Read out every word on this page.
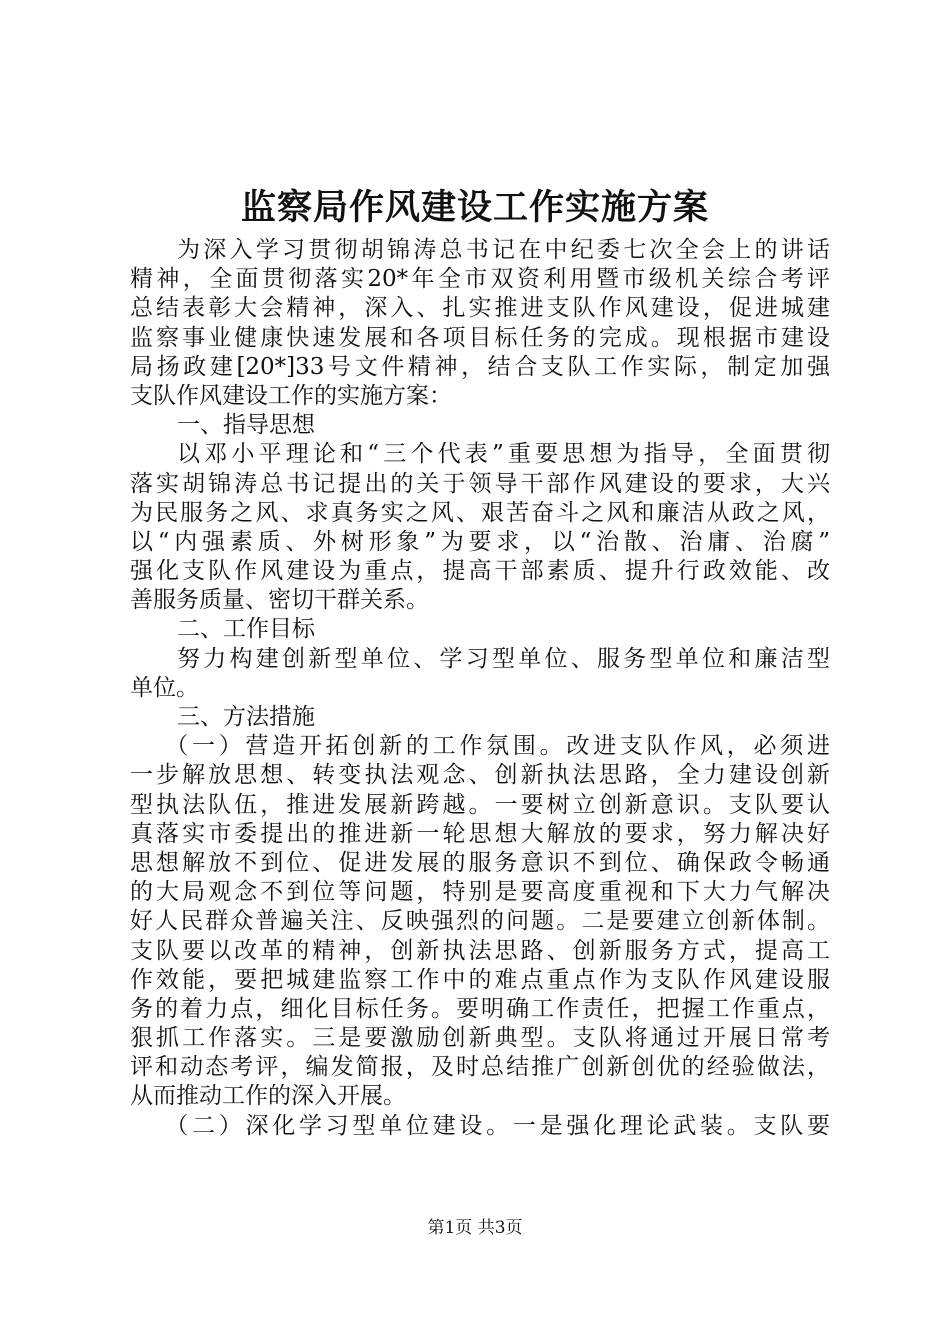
监察局作风建设工作实施方案
为深入学习贯彻胡锦涛总书记在中纪委七次全会上的讲话
精神，全面贯彻落实20*年全市双资利用暨市级机关综合考评
总结表彰大会精神，深入、扎实推进支队作风建设，促进城建
监察事业健康快速发展和各项目标任务的完成。现根据市建设
局扬政建[20*]33号文件精神，结合支队工作实际，制定加强
支队作风建设工作的实施方案：
一、指导思想
以邓小平理论和“三个代表”重要思想为指导，全面贯彻
落实胡锦涛总书记提出的关于领导干部作风建设的要求，大兴
为民服务之风、求真务实之风、艰苦奋斗之风和廉洁从政之风，
以“内强素质、外树形象”为要求，以“治散、治庸、治腐”
强化支队作风建设为重点，提高干部素质、提升行政效能、改
善服务质量、密切干群关系。
二、工作目标
努力构建创新型单位、学习型单位、服务型单位和廉洁型
单位。
三、方法措施
（一）营造开拓创新的工作氛围。改进支队作风，必须进
一步解放思想、转变执法观念、创新执法思路，全力建设创新
型执法队伍，推进发展新跨越。一要树立创新意识。支队要认
真落实市委提出的推进新一轮思想大解放的要求，努力解决好
思想解放不到位、促进发展的服务意识不到位、确保政令畅通
的大局观念不到位等问题，特别是要高度重视和下大力气解决
好人民群众普遍关注、反映强烈的问题。二是要建立创新体制。
支队要以改革的精神，创新执法思路、创新服务方式，提高工
作效能，要把城建监察工作中的难点重点作为支队作风建设服
务的着力点，细化目标任务。要明确工作责任，把握工作重点，
狠抓工作落实。三是要激励创新典型。支队将通过开展日常考
评和动态考评，编发简报，及时总结推广创新创优的经验做法，
从而推动工作的深入开展。
（二）深化学习型单位建设。一是强化理论武装。支队要
第1页 共3页
